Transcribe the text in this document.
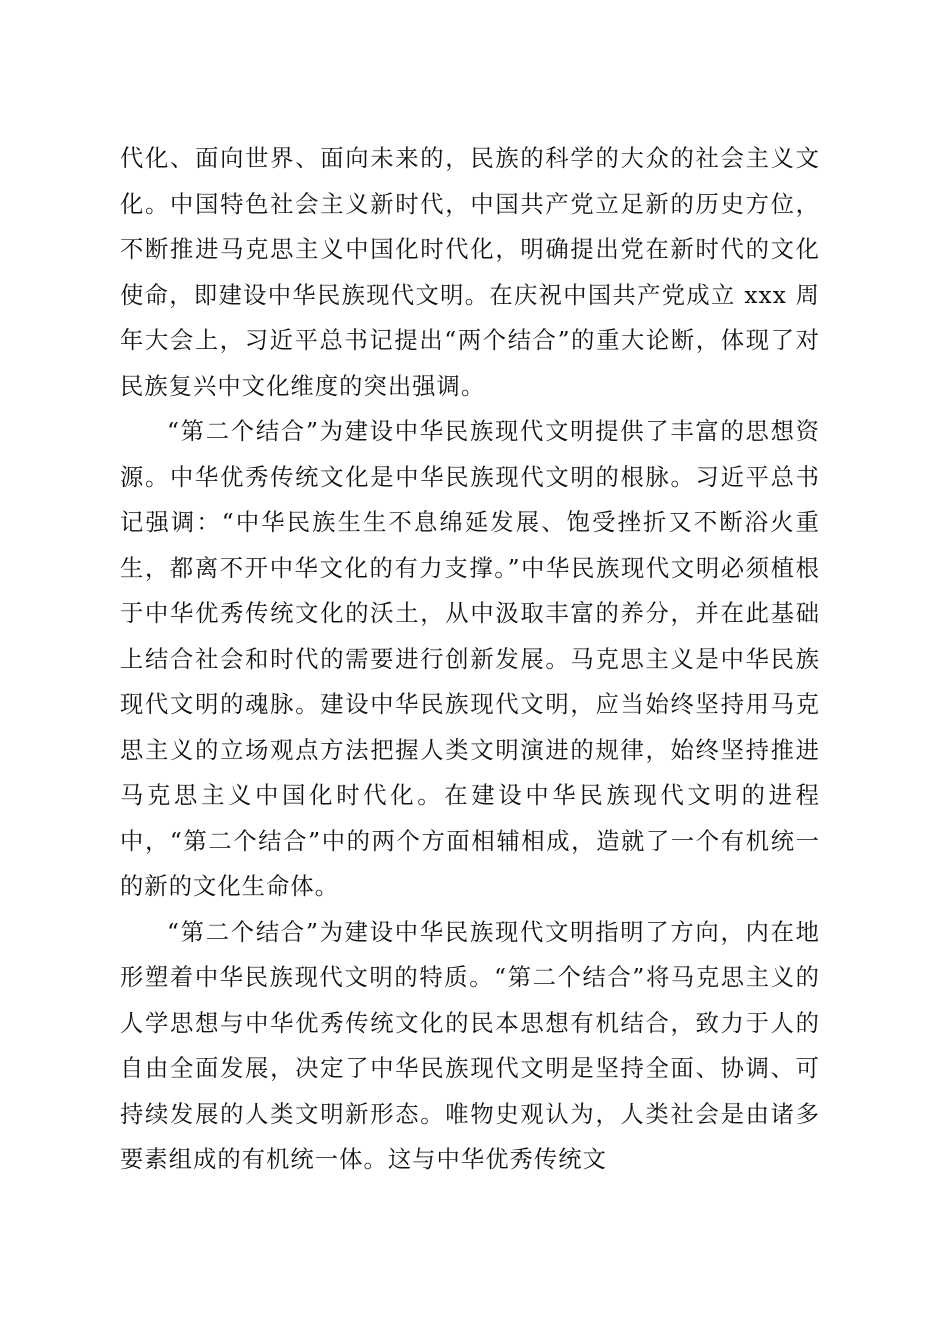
代化、面向世界、面向未来的，民族的科学的大众的社会主义文化。中国特色社会主义新时代，中国共产党立足新的历史方位，不断推进马克思主义中国化时代化，明确提出党在新时代的文化使命，即建设中华民族现代文明。在庆祝中国共产党成立 xxx 周年大会上，习近平总书记提出“两个结合”的重大论断，体现了对民族复兴中文化维度的突出强调。

“第二个结合”为建设中华民族现代文明提供了丰富的思想资源。中华优秀传统文化是中华民族现代文明的根脉。习近平总书记强调：“中华民族生生不息绵延发展、饱受挫折又不断浴火重生，都离不开中华文化的有力支撑。”中华民族现代文明必须植根于中华优秀传统文化的沃土，从中汲取丰富的养分，并在此基础上结合社会和时代的需要进行创新发展。马克思主义是中华民族现代文明的魂脉。建设中华民族现代文明，应当始终坚持用马克思主义的立场观点方法把握人类文明演进的规律，始终坚持推进马克思主义中国化时代化。在建设中华民族现代文明的进程中，“第二个结合”中的两个方面相辅相成，造就了一个有机统一的新的文化生命体。

“第二个结合”为建设中华民族现代文明指明了方向，内在地形塑着中华民族现代文明的特质。“第二个结合”将马克思主义的人学思想与中华优秀传统文化的民本思想有机结合，致力于人的自由全面发展，决定了中华民族现代文明是坚持全面、协调、可持续发展的人类文明新形态。唯物史观认为，人类社会是由诸多要素组成的有机统一体。这与中华优秀传统文
